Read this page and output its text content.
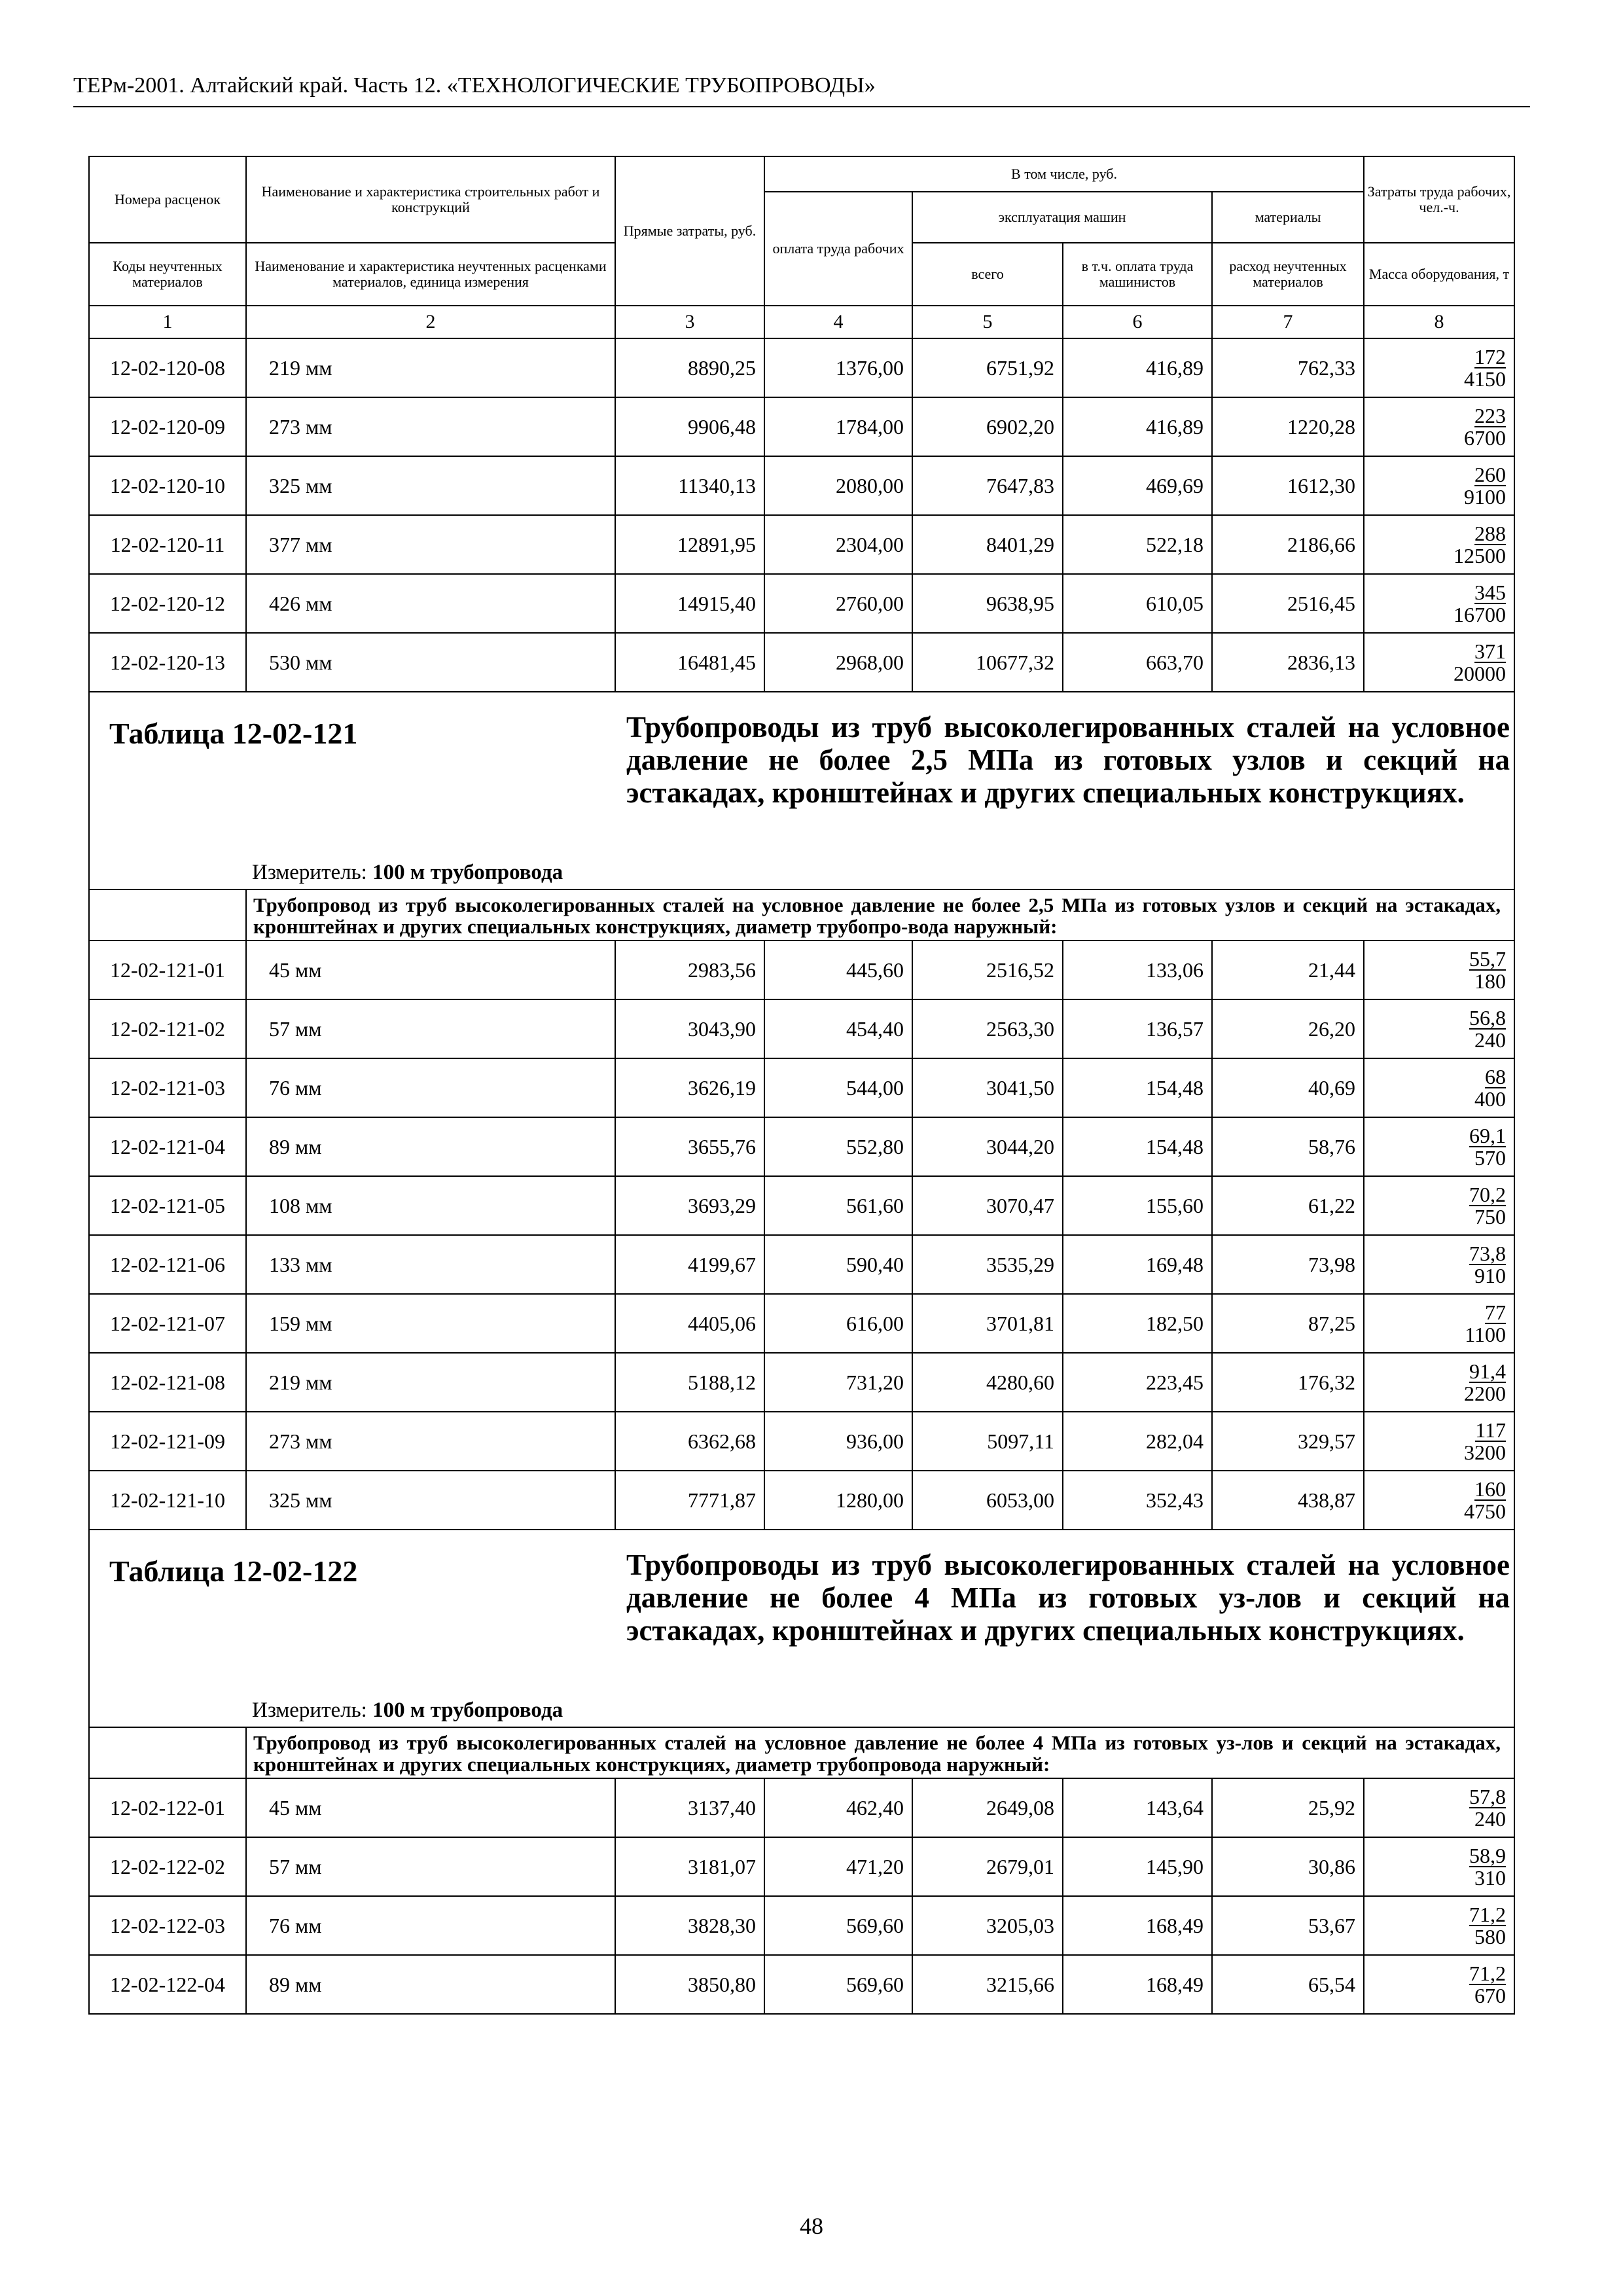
ТЕРм-2001. Алтайский край. Часть 12. «ТЕХНОЛОГИЧЕСКИЕ ТРУБОПРОВОДЫ»
Номера расценок	Наименование и характеристика строительных работ и конструкций	Прямые затраты, руб.	В том числе, руб.				Затраты труда рабочих, чел.-ч.
			оплата труда рабочих	эксплуатация машин		материалы	
Коды неучтенных материалов	Наименование и характеристика неучтенных расценками материалов, единица измерения			всего	в т.ч. оплата труда машинистов	расход неучтенных материалов	Масса оборудования, т
1	2	3	4	5	6	7	8
12-02-120-08	219 мм	8890,25	1376,00	6751,92	416,89	762,33	172
4150

12-02-120-09	273 мм	9906,48	1784,00	6902,20	416,89	1220,28	223
6700

12-02-120-10	325 мм	11340,13	2080,00	7647,83	469,69	1612,30	260
9100

12-02-120-11	377 мм	12891,95	2304,00	8401,29	522,18	2186,66	288
12500

12-02-120-12	426 мм	14915,40	2760,00	9638,95	610,05	2516,45	345
16700

12-02-120-13	530 мм	16481,45	2968,00	10677,32	663,70	2836,13	371
20000

Таблица 12-02-121 Трубопроводы из труб высоколегированных сталей на условное давление не более 2,5 МПа из готовых узлов и секций на эстакадах, кронштейнах и других специальных конструкциях.
Измеритель: 100 м трубопровода							

	Трубопровод из труб высоколегированных сталей на условное давление не более 2,5 МПа из готовых узлов и секций на эстакадах, кронштейнах и других специальных конструкциях, диаметр трубопро-вода наружный:						
12-02-121-01	45 мм	2983,56	445,60	2516,52	133,06	21,44	55,7
180

12-02-121-02	57 мм	3043,90	454,40	2563,30	136,57	26,20	56,8
240

12-02-121-03	76 мм	3626,19	544,00	3041,50	154,48	40,69	68
400

12-02-121-04	89 мм	3655,76	552,80	3044,20	154,48	58,76	69,1
570

12-02-121-05	108 мм	3693,29	561,60	3070,47	155,60	61,22	70,2
750

12-02-121-06	133 мм	4199,67	590,40	3535,29	169,48	73,98	73,8
910

12-02-121-07	159 мм	4405,06	616,00	3701,81	182,50	87,25	77
1100

12-02-121-08	219 мм	5188,12	731,20	4280,60	223,45	176,32	91,4
2200

12-02-121-09	273 мм	6362,68	936,00	5097,11	282,04	329,57	117
3200

12-02-121-10	325 мм	7771,87	1280,00	6053,00	352,43	438,87	160
4750

Таблица 12-02-122 Трубопроводы из труб высоколегированных сталей на условное давление не более 4 МПа из готовых уз-лов и секций на эстакадах, кронштейнах и других специальных конструкциях.
Измеритель: 100 м трубопровода							

	Трубопровод из труб высоколегированных сталей на условное давление не более 4 МПа из готовых уз-лов и секций на эстакадах, кронштейнах и других специальных конструкциях, диаметр трубопровода наружный:						
12-02-122-01	45 мм	3137,40	462,40	2649,08	143,64	25,92	57,8
240

12-02-122-02	57 мм	3181,07	471,20	2679,01	145,90	30,86	58,9
310

12-02-122-03	76 мм	3828,30	569,60	3205,03	168,49	53,67	71,2
580

12-02-122-04	89 мм	3850,80	569,60	3215,66	168,49	65,54	71,2
670
48
